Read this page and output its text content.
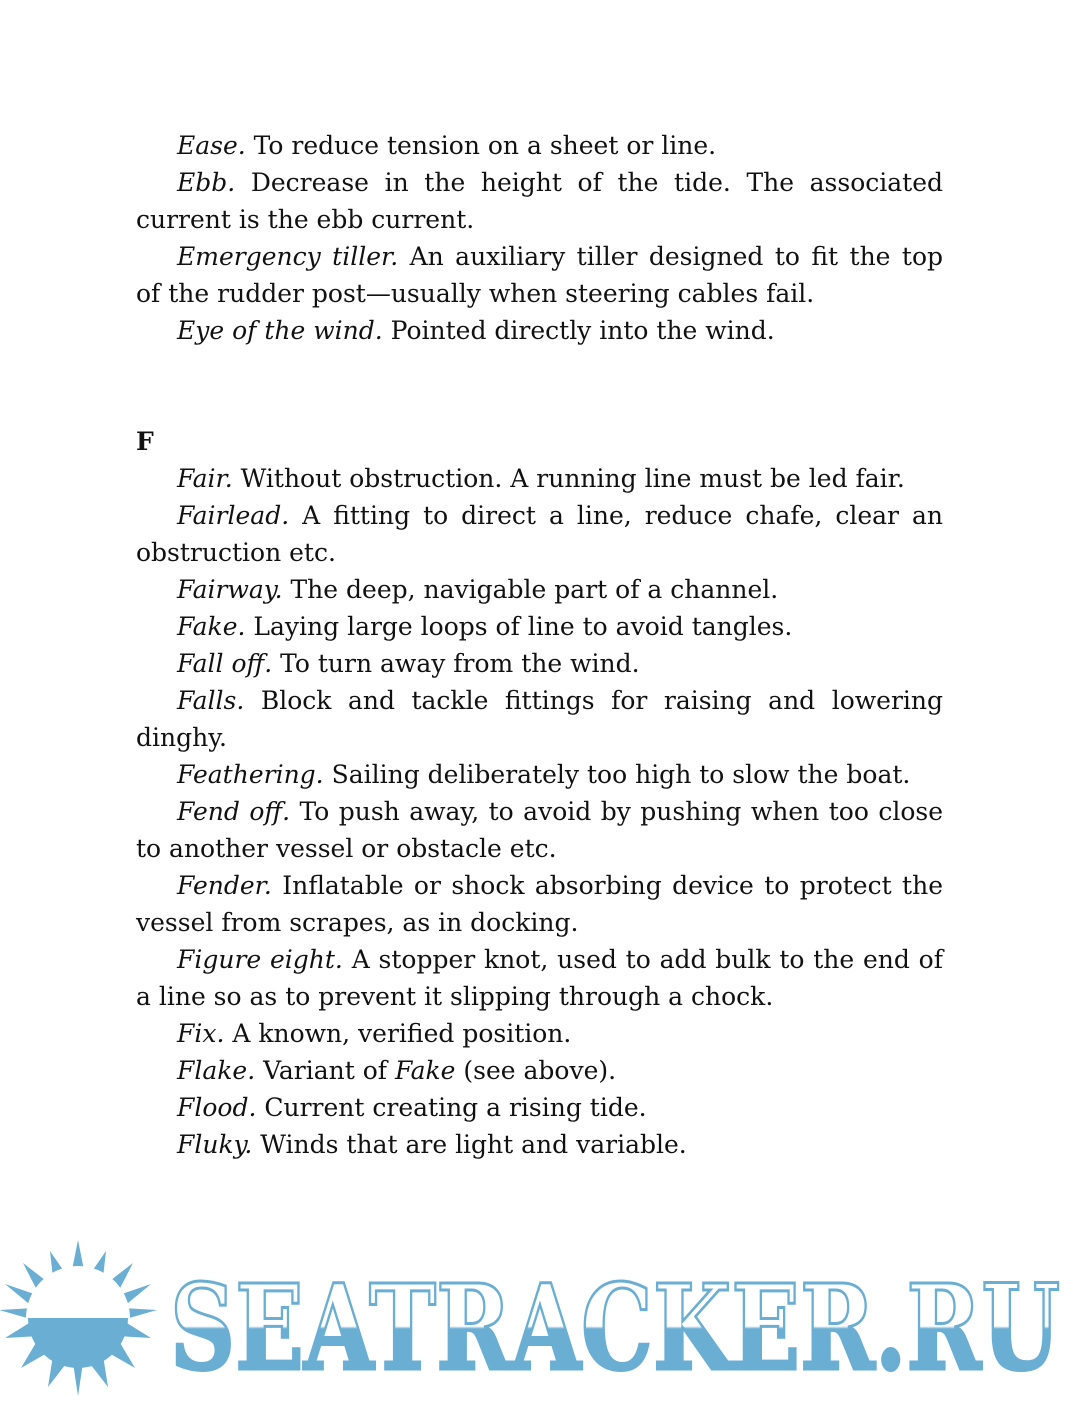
Ease. To reduce tension on a sheet or line.

Ebb. Decrease in the height of the tide. The associated current is the ebb current.

Emergency tiller. An auxiliary tiller designed to fit the top of the rudder post—usually when steering cables fail.

Eye of the wind. Pointed directly into the wind.

F

Fair. Without obstruction. A running line must be led fair.

Fairlead. A fitting to direct a line, reduce chafe, clear an obstruction etc.

Fairway. The deep, navigable part of a channel.

Fake. Laying large loops of line to avoid tangles.

Fall off. To turn away from the wind.

Falls. Block and tackle fittings for raising and lowering dinghy.

Feathering. Sailing deliberately too high to slow the boat.

Fend off. To push away, to avoid by pushing when too close to another vessel or obstacle etc.

Fender. Inflatable or shock absorbing device to protect the vessel from scrapes, as in docking.

Figure eight. A stopper knot, used to add bulk to the end of a line so as to prevent it slipping through a chock.

Fix. A known, verified position.

Flake. Variant of Fake (see above).

Flood. Current creating a rising tide.

Fluky. Winds that are light and variable.

SEATRACKER.RU
